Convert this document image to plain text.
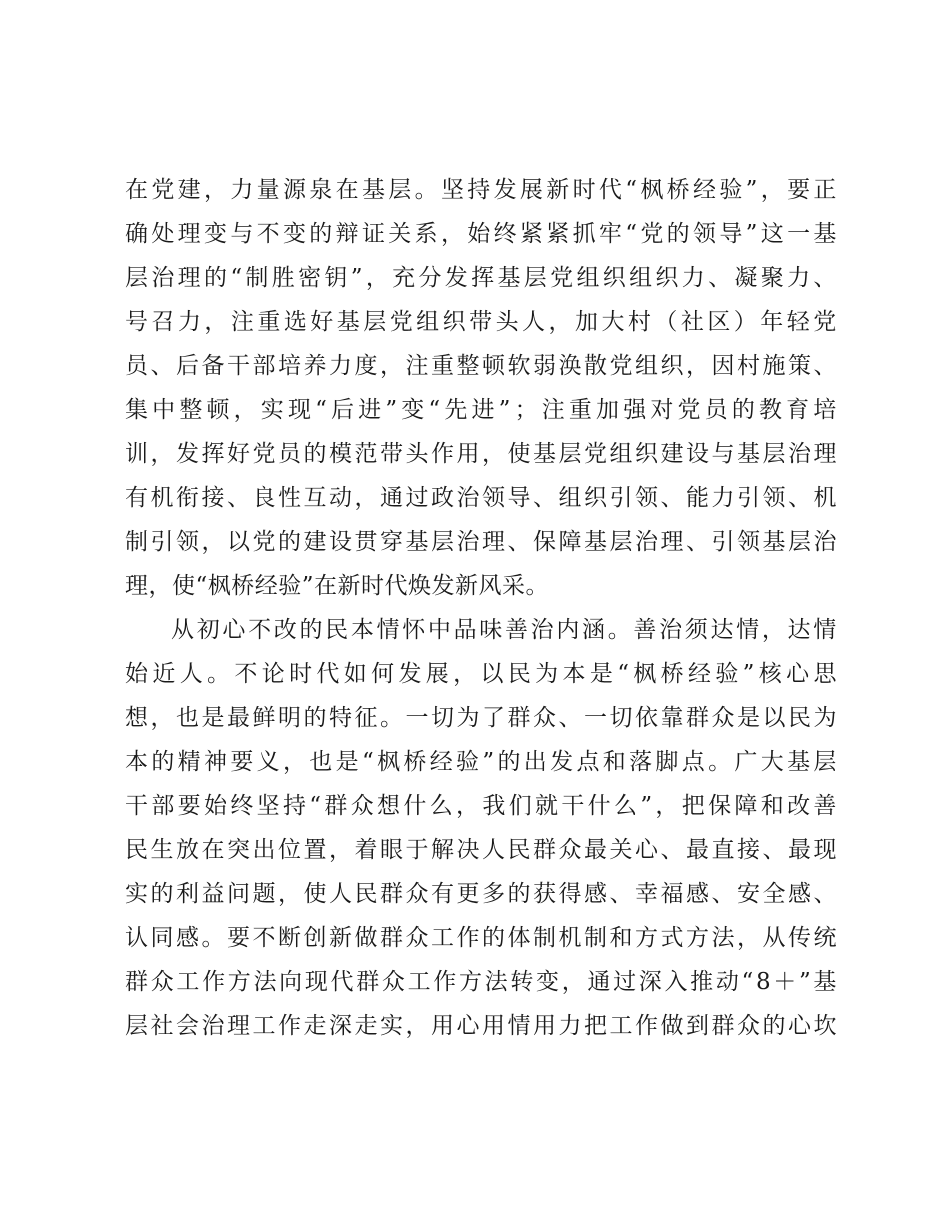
在 党 建 ， 力 量 源 泉 在 基 层 。 坚 持 发 展 新 时 代 “ 枫 桥 经 验 ” ， 要 正
确 处 理 变 与 不 变 的 辩 证 关 系 ， 始 终 紧 紧 抓 牢 “ 党 的 领 导 ” 这 一 基
层 治 理 的 “ 制 胜 密 钥 ” ， 充 分 发 挥 基 层 党 组 织 组 织 力 、 凝 聚 力 、
号 召 力 ， 注 重 选 好 基 层 党 组 织 带 头 人 ， 加 大 村 （ 社 区 ） 年 轻 党
员 、 后 备 干 部 培 养 力 度 ， 注 重 整 顿 软 弱 涣 散 党 组 织 ， 因 村 施 策 、
集 中 整 顿 ， 实 现 “ 后 进 ” 变 “ 先 进 ” ； 注 重 加 强 对 党 员 的 教 育 培
训 ， 发 挥 好 党 员 的 模 范 带 头 作 用 ， 使 基 层 党 组 织 建 设 与 基 层 治 理
有 机 衔 接 、 良 性 互 动 ， 通 过 政 治 领 导 、 组 织 引 领 、 能 力 引 领 、 机
制 引 领 ， 以 党 的 建 设 贯 穿 基 层 治 理 、 保 障 基 层 治 理 、 引 领 基 层 治
理，使“枫桥经验”在新时代焕发新风采。
从 初 心 不 改 的 民 本 情 怀 中 品 味 善 治 内 涵 。 善 治 须 达 情 ， 达 情
始 近 人 。 不 论 时 代 如 何 发 展 ， 以 民 为 本 是 “ 枫 桥 经 验 ” 核 心 思
想 ， 也 是 最 鲜 明 的 特 征 。 一 切 为 了 群 众 、 一 切 依 靠 群 众 是 以 民 为
本 的 精 神 要 义 ， 也 是 “ 枫 桥 经 验 ” 的 出 发 点 和 落 脚 点 。 广 大 基 层
干 部 要 始 终 坚 持 “ 群 众 想 什 么 ， 我 们 就 干 什 么 ” ， 把 保 障 和 改 善
民 生 放 在 突 出 位 置 ， 着 眼 于 解 决 人 民 群 众 最 关 心 、 最 直 接 、 最 现
实 的 利 益 问 题 ， 使 人 民 群 众 有 更 多 的 获 得 感 、 幸 福 感 、 安 全 感 、
认 同 感 。 要 不 断 创 新 做 群 众 工 作 的 体 制 机 制 和 方 式 方 法 ， 从 传 统
群 众 工 作 方 法 向 现 代 群 众 工 作 方 法 转 变 ， 通 过 深 入 推 动 “ 8 ＋ ” 基
层 社 会 治 理 工 作 走 深 走 实 ， 用 心 用 情 用 力 把 工 作 做 到 群 众 的 心 坎
